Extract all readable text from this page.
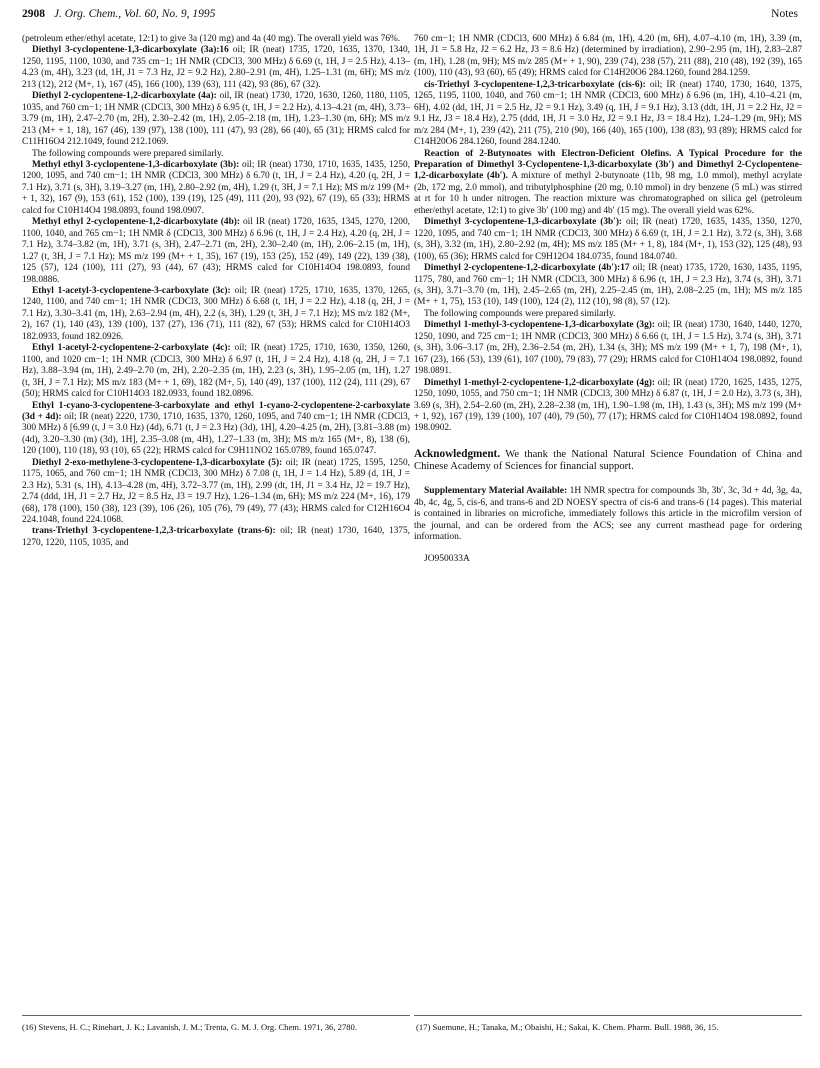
2908 J. Org. Chem., Vol. 60, No. 9, 1995	Notes

(petroleum ether/ethyl acetate, 12:1) to give 3a (120 mg) and 4a (40 mg). The overall yield was 76%.

Diethyl 3-cyclopentene-1,3-dicarboxylate (3a):16 oil; IR (neat) 1735, 1720, 1635, 1370, 1340, 1250, 1195, 1100, 1030, and 735 cm−1; 1H NMR (CDCl3, 300 MHz) δ 6.69 (t, 1H, J = 2.5 Hz), 4.13–4.23 (m, 4H), 3.23 (td, 1H, J1 = 7.3 Hz, J2 = 9.2 Hz), 2.80–2.91 (m, 4H), 1.25–1.31 (m, 6H); MS m/z 213 (12), 212 (M+, 1), 167 (45), 166 (100), 139 (63), 111 (42), 93 (86), 67 (32).

Diethyl 2-cyclopentene-1,2-dicarboxylate (4a): oil, IR (neat) 1730, 1720, 1630, 1260, 1180, 1105, 1035, and 760 cm−1; 1H NMR (CDCl3, 300 MHz) δ 6.95 (t, 1H, J = 2.2 Hz), 4.13–4.21 (m, 4H), 3.73–3.79 (m, 1H), 2.47–2.70 (m, 2H), 2.30–2.42 (m, 1H), 2.05–2.18 (m, 1H), 1.23–1.30 (m, 6H); MS m/z 213 (M+ + 1, 18), 167 (46), 139 (97), 138 (100), 111 (47), 93 (28), 66 (40), 65 (31); HRMS calcd for C11H16O4 212.1049, found 212.1069.

The following compounds were prepared similarly.

Methyl ethyl 3-cyclopentene-1,3-dicarboxylate (3b): oil; IR (neat) 1730, 1710, 1635, 1435, 1250, 1200, 1095, and 740 cm−1; 1H NMR (CDCl3, 300 MHz) δ 6.70 (t, 1H, J = 2.4 Hz), 4.20 (q, 2H, J = 7.1 Hz), 3.71 (s, 3H), 3.19–3.27 (m, 1H), 2.80–2.92 (m, 4H), 1.29 (t, 3H, J = 7.1 Hz); MS m/z 199 (M+ + 1, 32), 167 (9), 153 (61), 152 (100), 139 (19), 125 (49), 111 (20), 93 (92), 67 (19), 65 (33); HRMS calcd for C10H14O4 198.0893, found 198.0907.

Methyl ethyl 2-cyclopentene-1,2-dicarboxylate (4b): oil IR (neat) 1720, 1635, 1345, 1270, 1200, 1100, 1040, and 765 cm−1; 1H NMR δ (CDCl3, 300 MHz) δ 6.96 (t, 1H, J = 2.4 Hz), 4.20 (q, 2H, J = 7.1 Hz), 3.74–3.82 (m, 1H), 3.71 (s, 3H), 2.47–2.71 (m, 2H), 2.30–2.40 (m, 1H), 2.06–2.15 (m, 1H), 1.27 (t, 3H, J = 7.1 Hz); MS m/z 199 (M+ + 1, 35), 167 (19), 153 (25), 152 (49), 149 (22), 139 (38), 125 (57), 124 (100), 111 (27), 93 (44), 67 (43); HRMS calcd for C10H14O4 198.0893, found 198.0886.

Ethyl 1-acetyl-3-cyclopentene-3-carboxylate (3c): oil; IR (neat) 1725, 1710, 1635, 1370, 1265, 1240, 1100, and 740 cm−1; 1H NMR (CDCl3, 300 MHz) δ 6.68 (t, 1H, J = 2.2 Hz), 4.18 (q, 2H, J = 7.1 Hz), 3.30–3.41 (m, 1H), 2.63–2.94 (m, 4H), 2.2 (s, 3H), 1.29 (t, 3H, J = 7.1 Hz); MS m/z 182 (M+, 2), 167 (1), 140 (43), 139 (100), 137 (27), 136 (71), 111 (82), 67 (53); HRMS calcd for C10H14O3 182.0933, found 182.0926.

Ethyl 1-acetyl-2-cyclopentene-2-carboxylate (4c): oil; IR (neat) 1725, 1710, 1630, 1350, 1260, 1100, and 1020 cm−1; 1H NMR (CDCl3, 300 MHz) δ 6.97 (t, 1H, J = 2.4 Hz), 4.18 (q, 2H, J = 7.1 Hz), 3.88–3.94 (m, 1H), 2.49–2.70 (m, 2H), 2.20–2.35 (m, 1H), 2.23 (s, 3H), 1.95–2.05 (m, 1H), 1.27 (t, 3H, J = 7.1 Hz); MS m/z 183 (M+ + 1, 69), 182 (M+, 5), 140 (49), 137 (100), 112 (24), 111 (29), 67 (50); HRMS calcd for C10H14O3 182.0933, found 182.0896.

Ethyl 1-cyano-3-cyclopentene-3-carboxylate and ethyl 1-cyano-2-cyclopentene-2-carboxylate (3d + 4d): oil; IR (neat) 2220, 1730, 1710, 1635, 1370, 1260, 1095, and 740 cm−1; 1H NMR (CDCl3, 300 MHz) δ [6.99 (t, J = 3.0 Hz) (4d), 6.71 (t, J = 2.3 Hz) (3d), 1H], 4.20–4.25 (m, 2H), [3.81–3.88 (m) (4d), 3.20–3.30 (m) (3d), 1H], 2.35–3.08 (m, 4H), 1.27–1.33 (m, 3H); MS m/z 165 (M+, 8), 138 (6), 120 (100), 110 (18), 93 (10), 65 (22); HRMS calcd for C9H11NO2 165.0789, found 165.0747.

Diethyl 2-exo-methylene-3-cyclopentene-1,3-dicarboxylate (5): oil; IR (neat) 1725, 1595, 1250, 1175, 1065, and 760 cm−1; 1H NMR (CDCl3, 300 MHz) δ 7.08 (t, 1H, J = 1.4 Hz), 5.89 (d, 1H, J = 2.3 Hz), 5.31 (s, 1H), 4.13–4.28 (m, 4H), 3.72–3.77 (m, 1H), 2.99 (dt, 1H, J1 = 3.4 Hz, J2 = 19.7 Hz), 2.74 (ddd, 1H, J1 = 2.7 Hz, J2 = 8.5 Hz, J3 = 19.7 Hz), 1.26–1.34 (m, 6H); MS m/z 224 (M+, 16), 179 (68), 178 (100), 150 (38), 123 (39), 106 (26), 105 (76), 79 (49), 77 (43); HRMS calcd for C12H16O4 224.1048, found 224.1068.

trans-Triethyl 3-cyclopentene-1,2,3-tricarboxylate (trans-6): oil; IR (neat) 1730, 1640, 1375, 1270, 1220, 1105, 1035, and

760 cm−1; 1H NMR (CDCl3, 600 MHz) δ 6.84 (m, 1H), 4.20 (m, 6H), 4.07–4.10 (m, 1H), 3.39 (m, 1H, J1 = 5.8 Hz, J2 = 6.2 Hz, J3 = 8.6 Hz) (determined by irradiation), 2.90–2.95 (m, 1H), 2.83–2.87 (m, 1H), 1.28 (m, 9H); MS m/z 285 (M+ + 1, 90), 239 (74), 238 (57), 211 (88), 210 (48), 192 (39), 165 (100), 110 (43), 93 (60), 65 (49); HRMS calcd for C14H20O6 284.1260, found 284.1259.

cis-Triethyl 3-cyclopentene-1,2,3-tricarboxylate (cis-6): oil; IR (neat) 1740, 1730, 1640, 1375, 1265, 1195, 1100, 1040, and 760 cm−1; 1H NMR (CDCl3, 600 MHz) δ 6.96 (m, 1H), 4.10–4.21 (m, 6H), 4.02 (dd, 1H, J1 = 2.5 Hz, J2 = 9.1 Hz), 3.49 (q, 1H, J = 9.1 Hz), 3.13 (ddt, 1H, J1 = 2.2 Hz, J2 = 9.1 Hz, J3 = 18.4 Hz), 2.75 (ddd, 1H, J1 = 3.0 Hz, J2 = 9.1 Hz, J3 = 18.4 Hz), 1.24–1.29 (m, 9H); MS m/z 284 (M+, 1), 239 (42), 211 (75), 210 (90), 166 (40), 165 (100), 138 (83), 93 (89); HRMS calcd for C14H20O6 284.1260, found 284.1240.

Reaction of 2-Butynoates with Electron-Deficient Olefins. A Typical Procedure for the Preparation of Dimethyl 3-Cyclopentene-1,3-dicarboxylate (3b′) and Dimethyl 2-Cyclopentene-1,2-dicarboxylate (4b′). A mixture of methyl 2-butynoate (11b, 98 mg, 1.0 mmol), methyl acrylate (2b, 172 mg, 2.0 mmol), and tributylphosphine (20 mg, 0.10 mmol) in dry benzene (5 mL) was stirred at rt for 10 h under nitrogen. The reaction mixture was chromatographed on silica gel (petroleum ether/ethyl acetate, 12:1) to give 3b′ (100 mg) and 4b′ (15 mg). The overall yield was 62%.

Dimethyl 3-cyclopentene-1,3-dicarboxylate (3b′): oil; IR (neat) 1720, 1635, 1435, 1350, 1270, 1220, 1095, and 740 cm−1; 1H NMR (CDCl3, 300 MHz) δ 6.69 (t, 1H, J = 2.1 Hz), 3.72 (s, 3H), 3.68 (s, 3H), 3.32 (m, 1H), 2.80–2.92 (m, 4H); MS m/z 185 (M+ + 1, 8), 184 (M+, 1), 153 (32), 125 (48), 93 (100), 65 (36); HRMS calcd for C9H12O4 184.0735, found 184.0740.

Dimethyl 2-cyclopentene-1,2-dicarboxylate (4b′):17 oil; IR (neat) 1735, 1720, 1630, 1435, 1195, 1175, 780, and 760 cm−1; 1H NMR (CDCl3, 300 MHz) δ 6.96 (t, 1H, J = 2.3 Hz), 3.74 (s, 3H), 3.71 (s, 3H), 3.71–3.70 (m, 1H), 2.45–2.65 (m, 2H), 2.25–2.45 (m, 1H), 2.08–2.25 (m, 1H); MS m/z 185 (M+ + 1, 75), 153 (10), 149 (100), 124 (2), 112 (10), 98 (8), 57 (12).

The following compounds were prepared similarly.

Dimethyl 1-methyl-3-cyclopentene-1,3-dicarboxylate (3g): oil; IR (neat) 1730, 1640, 1440, 1270, 1250, 1090, and 725 cm−1; 1H NMR (CDCl3, 300 MHz) δ 6.66 (t, 1H, J = 1.5 Hz), 3.74 (s, 3H), 3.71 (s, 3H), 3.06–3.17 (m, 2H), 2.36–2.54 (m, 2H), 1.34 (s, 3H); MS m/z 199 (M+ + 1, 7), 198 (M+, 1), 167 (23), 166 (53), 139 (61), 107 (100), 79 (83), 77 (29); HRMS calcd for C10H14O4 198.0892, found 198.0891.

Dimethyl 1-methyl-2-cyclopentene-1,2-dicarboxylate (4g): oil; IR (neat) 1720, 1625, 1435, 1275, 1250, 1090, 1055, and 750 cm−1; 1H NMR (CDCl3, 300 MHz) δ 6.87 (t, 1H, J = 2.0 Hz), 3.73 (s, 3H), 3.69 (s, 3H), 2.54–2.60 (m, 2H), 2.28–2.38 (m, 1H), 1.90–1.98 (m, 1H), 1.43 (s, 3H); MS m/z 199 (M+ + 1, 92), 167 (19), 139 (100), 107 (40), 79 (50), 77 (17); HRMS calcd for C10H14O4 198.0892, found 198.0902.

Acknowledgment. We thank the National Natural Science Foundation of China and Chinese Academy of Sciences for financial support.

Supplementary Material Available: 1H NMR spectra for compounds 3b, 3b′, 3c, 3d + 4d, 3g, 4a, 4b, 4c, 4g, 5, cis-6, and trans-6 and 2D NOESY spectra of cis-6 and trans-6 (14 pages). This material is contained in libraries on microfiche, immediately follows this article in the microfilm version of the journal, and can be ordered from the ACS; see any current masthead page for ordering information.

JO950033A

(16) Stevens, H. C.; Rinehart, J. K.; Lavanish, J. M.; Trenta, G. M. J. Org. Chem. 1971, 36, 2780.	(17) Suemune, H.; Tanaka, M.; Obaishi, H.; Sakai, K. Chem. Pharm. Bull. 1988, 36, 15.
